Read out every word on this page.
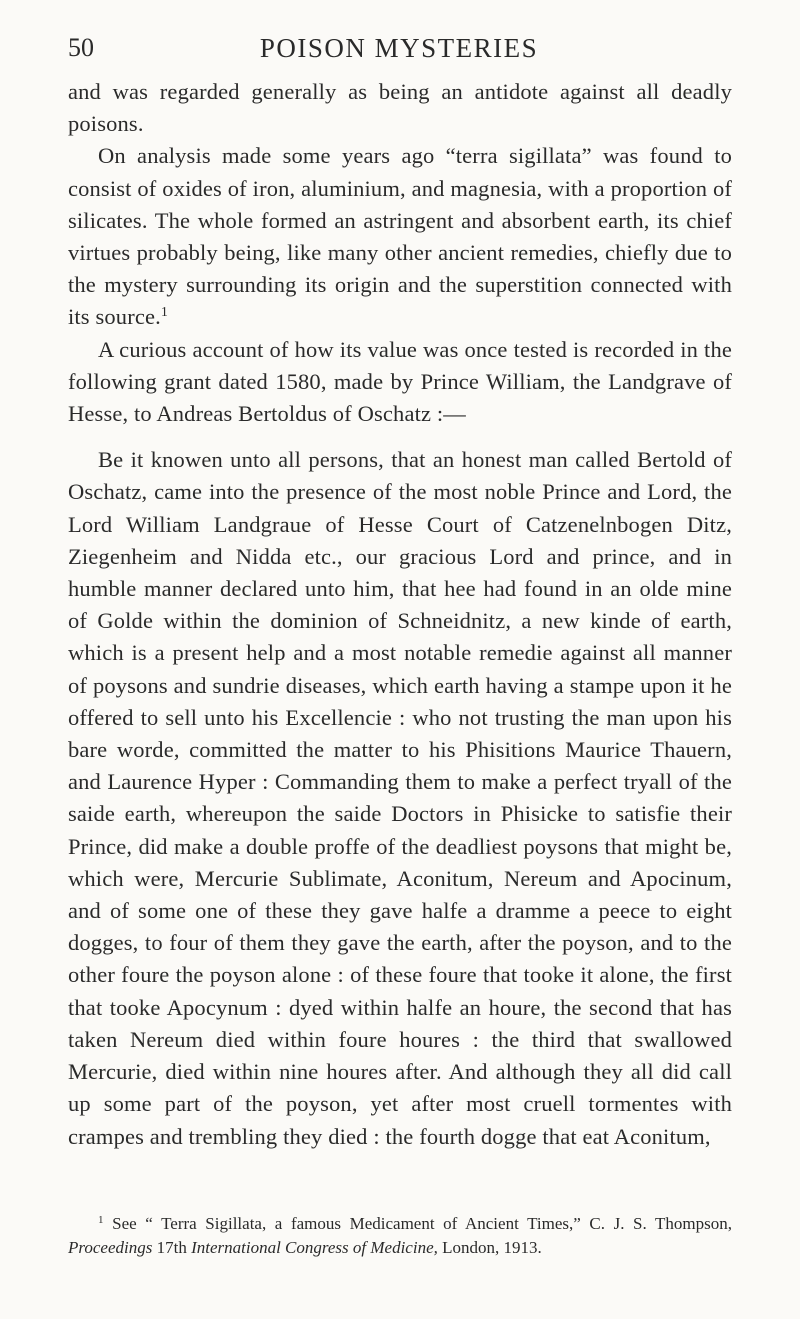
50	POISON MYSTERIES

and was regarded generally as being an antidote against all deadly poisons.

On analysis made some years ago “terra sigillata” was found to consist of oxides of iron, aluminium, and magnesia, with a proportion of silicates. The whole formed an astringent and absorbent earth, its chief virtues probably being, like many other ancient remedies, chiefly due to the mystery surrounding its origin and the superstition connected with its source.$^1$

A curious account of how its value was once tested is recorded in the following grant dated 1580, made by Prince William, the Landgrave of Hesse, to Andreas Bertoldus of Oschatz :—

Be it knowen unto all persons, that an honest man called Bertold of Oschatz, came into the presence of the most noble Prince and Lord, the Lord William Landgraue of Hesse Court of Catzenelnbogen Ditz, Ziegenheim and Nidda etc., our gracious Lord and prince, and in humble manner declared unto him, that hee had found in an olde mine of Golde within the dominion of Schneidnitz, a new kinde of earth, which is a present help and a most notable remedie against all manner of poysons and sundrie diseases, which earth having a stampe upon it he offered to sell unto his Excellencie : who not trusting the man upon his bare worde, committed the matter to his Phisitions Maurice Thauern, and Laurence Hyper : Commanding them to make a perfect tryall of the saide earth, whereupon the saide Doctors in Phisicke to satisfie their Prince, did make a double proffe of the deadliest poysons that might be, which were, Mercurie Sublimate, Aconitum, Nereum and Apocinum, and of some one of these they gave halfe a dramme a peece to eight dogges, to four of them they gave the earth, after the poyson, and to the other foure the poyson alone : of these foure that tooke it alone, the first that tooke Apocynum : dyed within halfe an houre, the second that has taken Nereum died within foure houres : the third that swallowed Mercurie, died within nine houres after. And although they all did call up some part of the poyson, yet after most cruell tormentes with crampes and trembling they died : the fourth dogge that eat Aconitum,

$^1$ See “ Terra Sigillata, a famous Medicament of Ancient Times,” C. J. S. Thompson, Proceedings 17th International Congress of Medicine, London, 1913.
